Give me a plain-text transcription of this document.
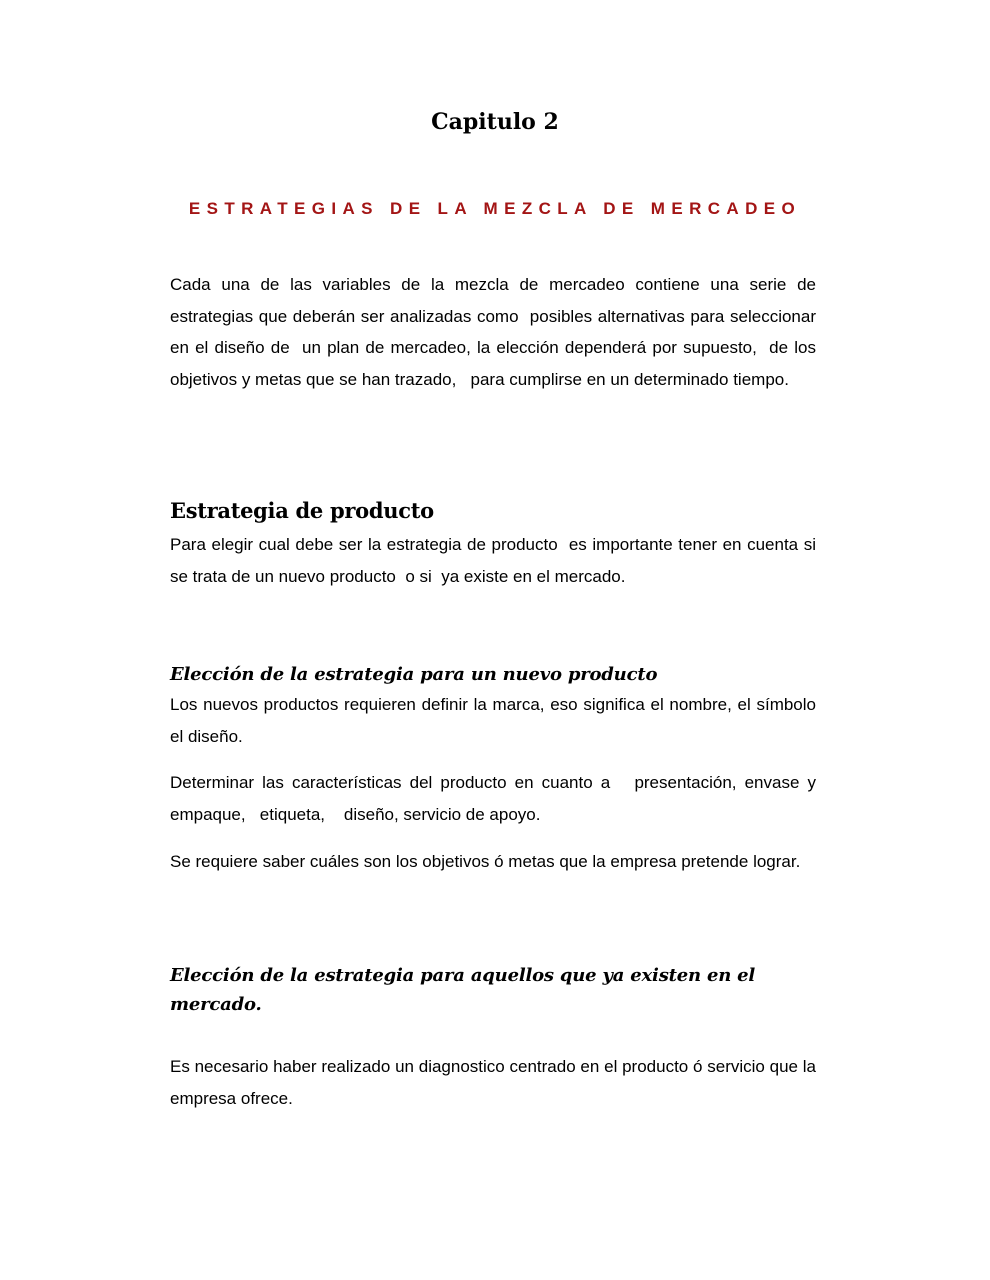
Capitulo 2
ESTRATEGIAS DE LA MEZCLA DE MERCADEO

Cada una de las variables de la mezcla de mercadeo contiene una serie de estrategias que deberán ser analizadas como  posibles alternativas para seleccionar en el diseño de  un plan de mercadeo, la elección dependerá por supuesto,  de los objetivos y metas que se han trazado,   para cumplirse en un determinado tiempo.

Estrategia de producto

Para elegir cual debe ser la estrategia de producto  es importante tener en cuenta si se trata de un nuevo producto  o si  ya existe en el mercado.

Elección de la estrategia para un nuevo producto

Los nuevos productos requieren definir la marca, eso significa el nombre, el símbolo el diseño.

Determinar las características del producto en cuanto a   presentación, envase y empaque,   etiqueta,    diseño, servicio de apoyo.

Se requiere saber cuáles son los objetivos ó metas que la empresa pretende lograr.

Elección de la estrategia para aquellos que ya existen en el mercado.

Es necesario haber realizado un diagnostico centrado en el producto ó servicio que la empresa ofrece.
